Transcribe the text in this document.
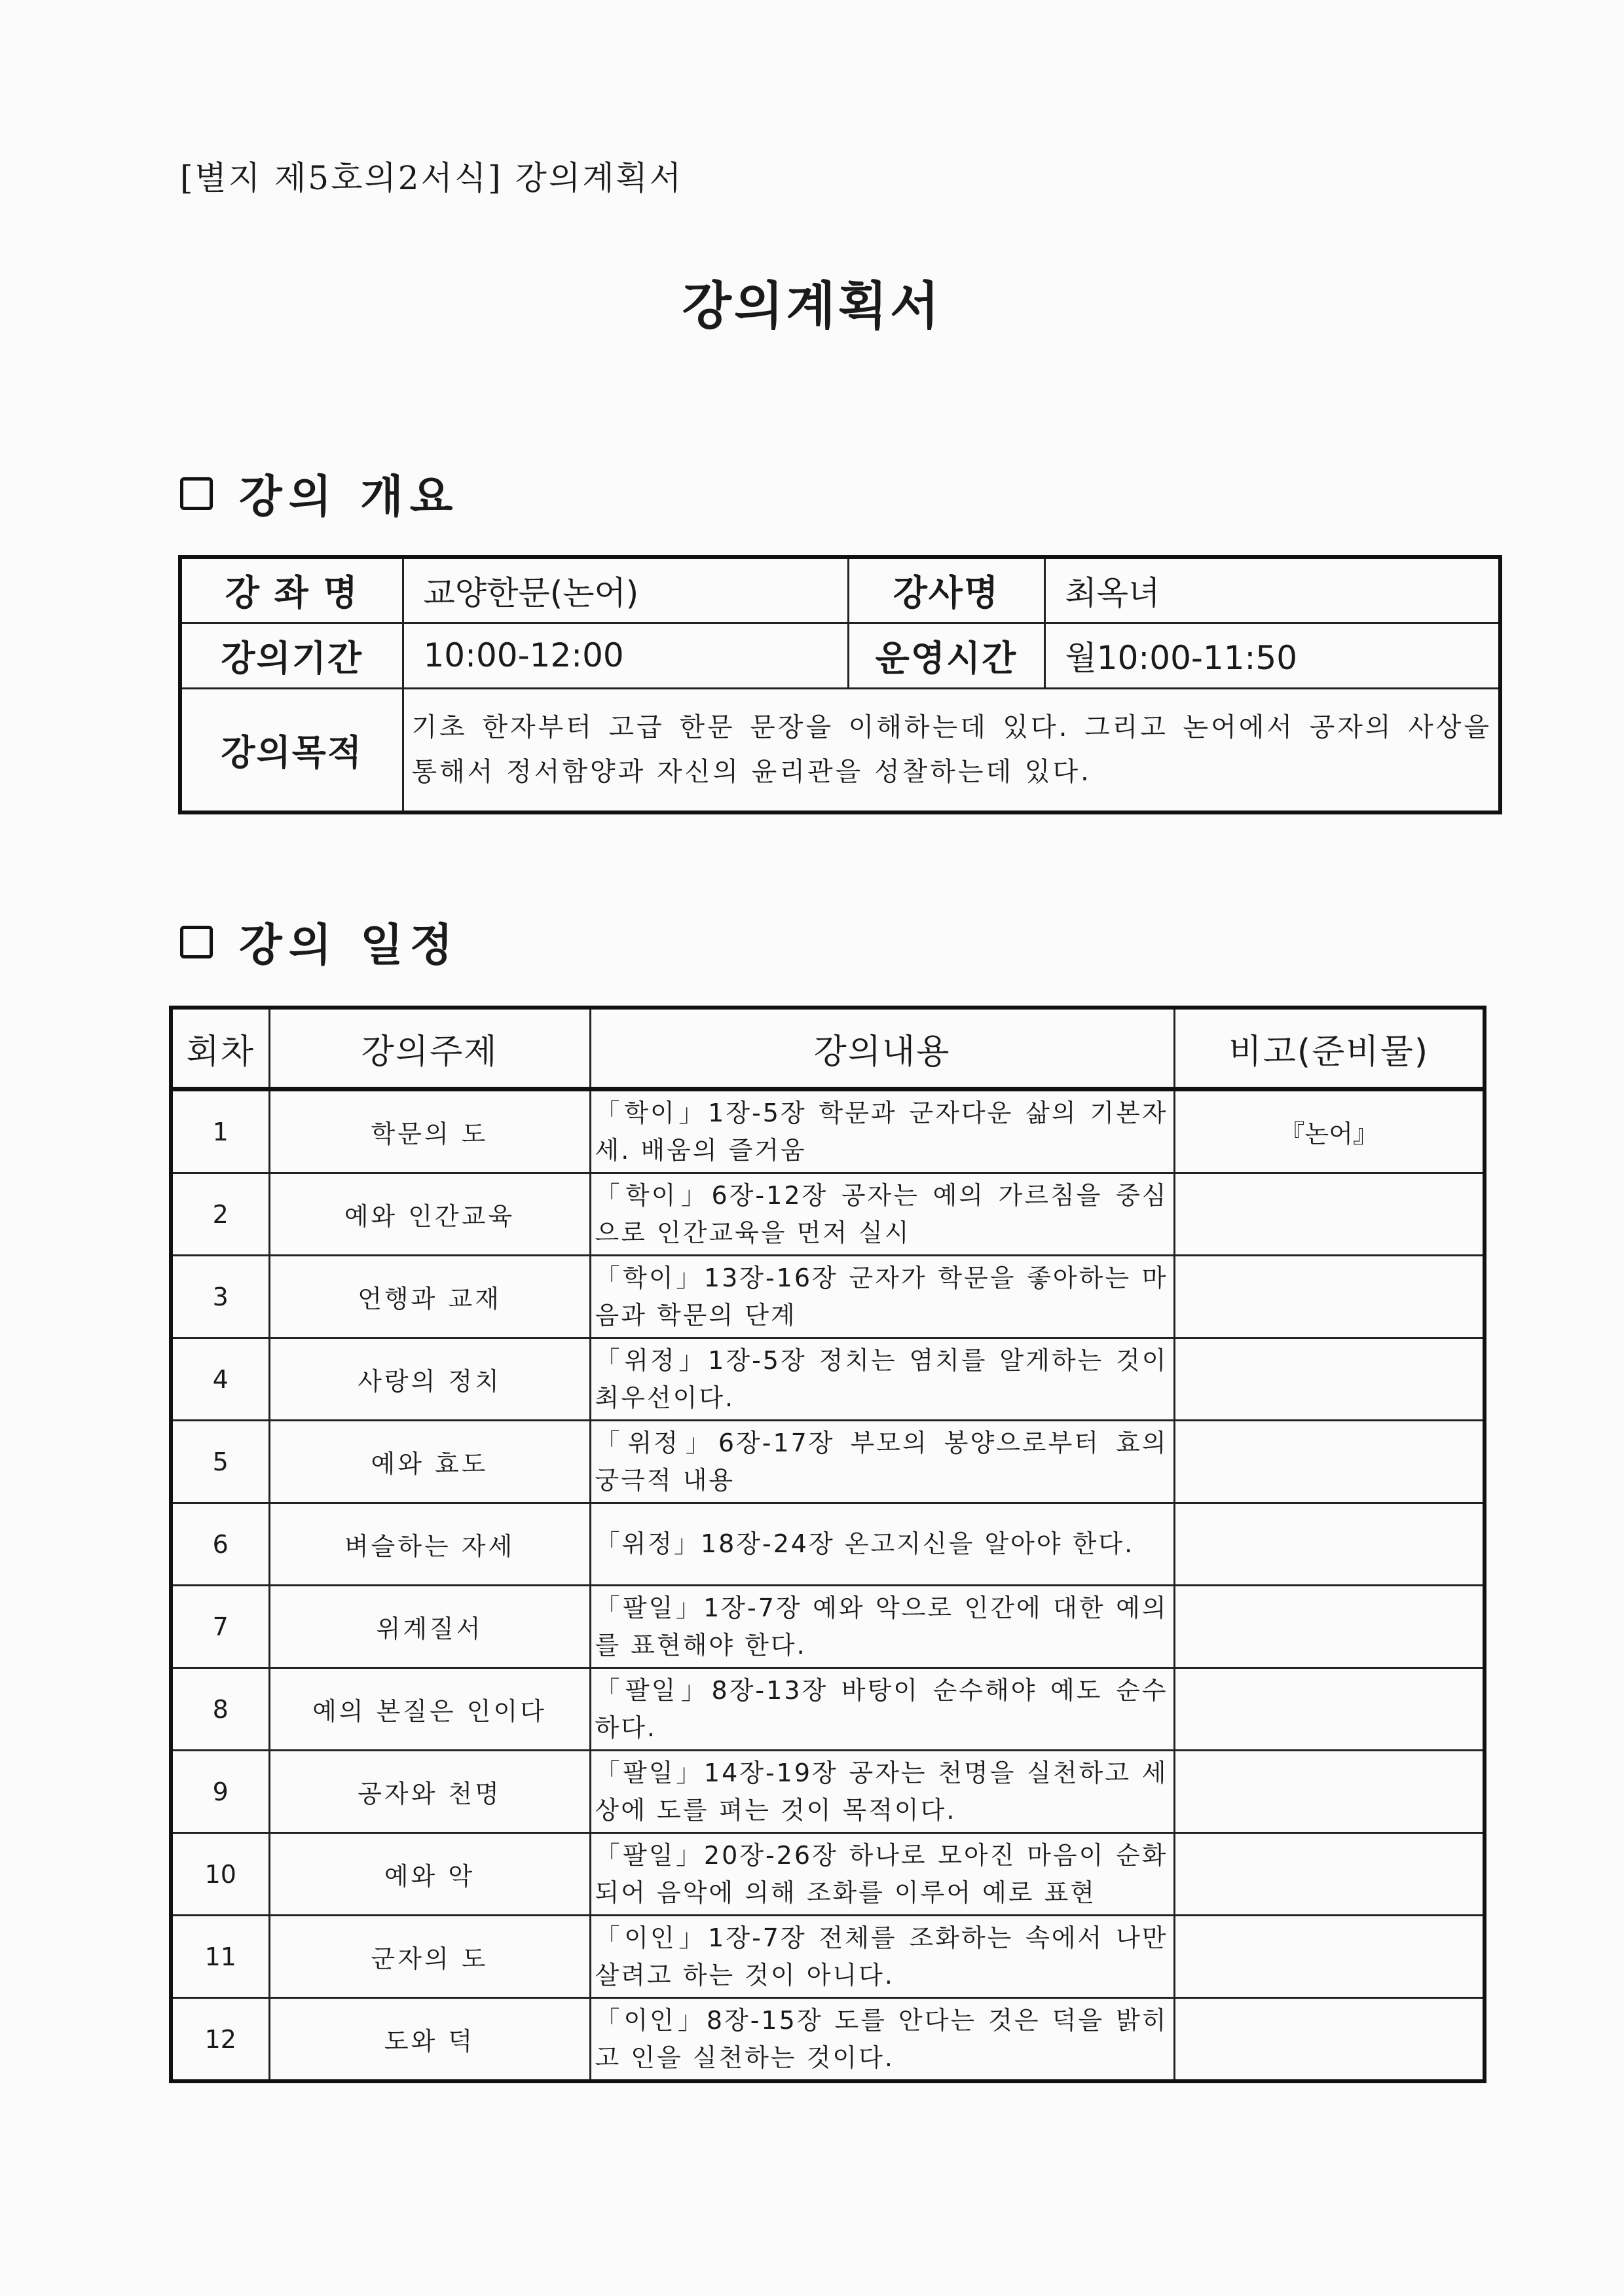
[별지 제5호의2서식] 강의계획서
강의계획서
강의 개요
강 좌 명	교양한문(논어)	강사명	최옥녀
강의기간	10:00-12:00	운영시간	월10:00-11:50
강의목적	기초 한자부터 고급 한문 문장을 이해하는데 있다. 그리고 논어에서 공자의 사상을 통해서 정서함양과 자신의 윤리관을 성찰하는데 있다.		
강의 일정
회차	강의주제	강의내용	비고(준비물)
1	학문의 도	「학이」1장-5장 학문과 군자다운 삶의 기본자세. 배움의 즐거움	『논어』
2	예와 인간교육	「학이」6장-12장 공자는 예의 가르침을 중심으로 인간교육을 먼저 실시	
3	언행과 교재	「학이」13장-16장 군자가 학문을 좋아하는 마음과 학문의 단계	
4	사랑의 정치	「위정」1장-5장 정치는 염치를 알게하는 것이 최우선이다.	
5	예와 효도	「위정」6장-17장 부모의 봉양으로부터 효의 궁극적 내용	
6	벼슬하는 자세	「위정」18장-24장 온고지신을 알아야 한다.	
7	위계질서	「팔일」1장-7장 예와 악으로 인간에 대한 예의를 표현해야 한다.	
8	예의 본질은 인이다	「팔일」8장-13장 바탕이 순수해야 예도 순수하다.	
9	공자와 천명	「팔일」14장-19장 공자는 천명을 실천하고 세상에 도를 펴는 것이 목적이다.	
10	예와 악	「팔일」20장-26장 하나로 모아진 마음이 순화되어 음악에 의해 조화를 이루어 예로 표현	
11	군자의 도	「이인」1장-7장 전체를 조화하는 속에서 나만 살려고 하는 것이 아니다.	
12	도와 덕	「이인」8장-15장 도를 안다는 것은 덕을 밝히고 인을 실천하는 것이다.	
